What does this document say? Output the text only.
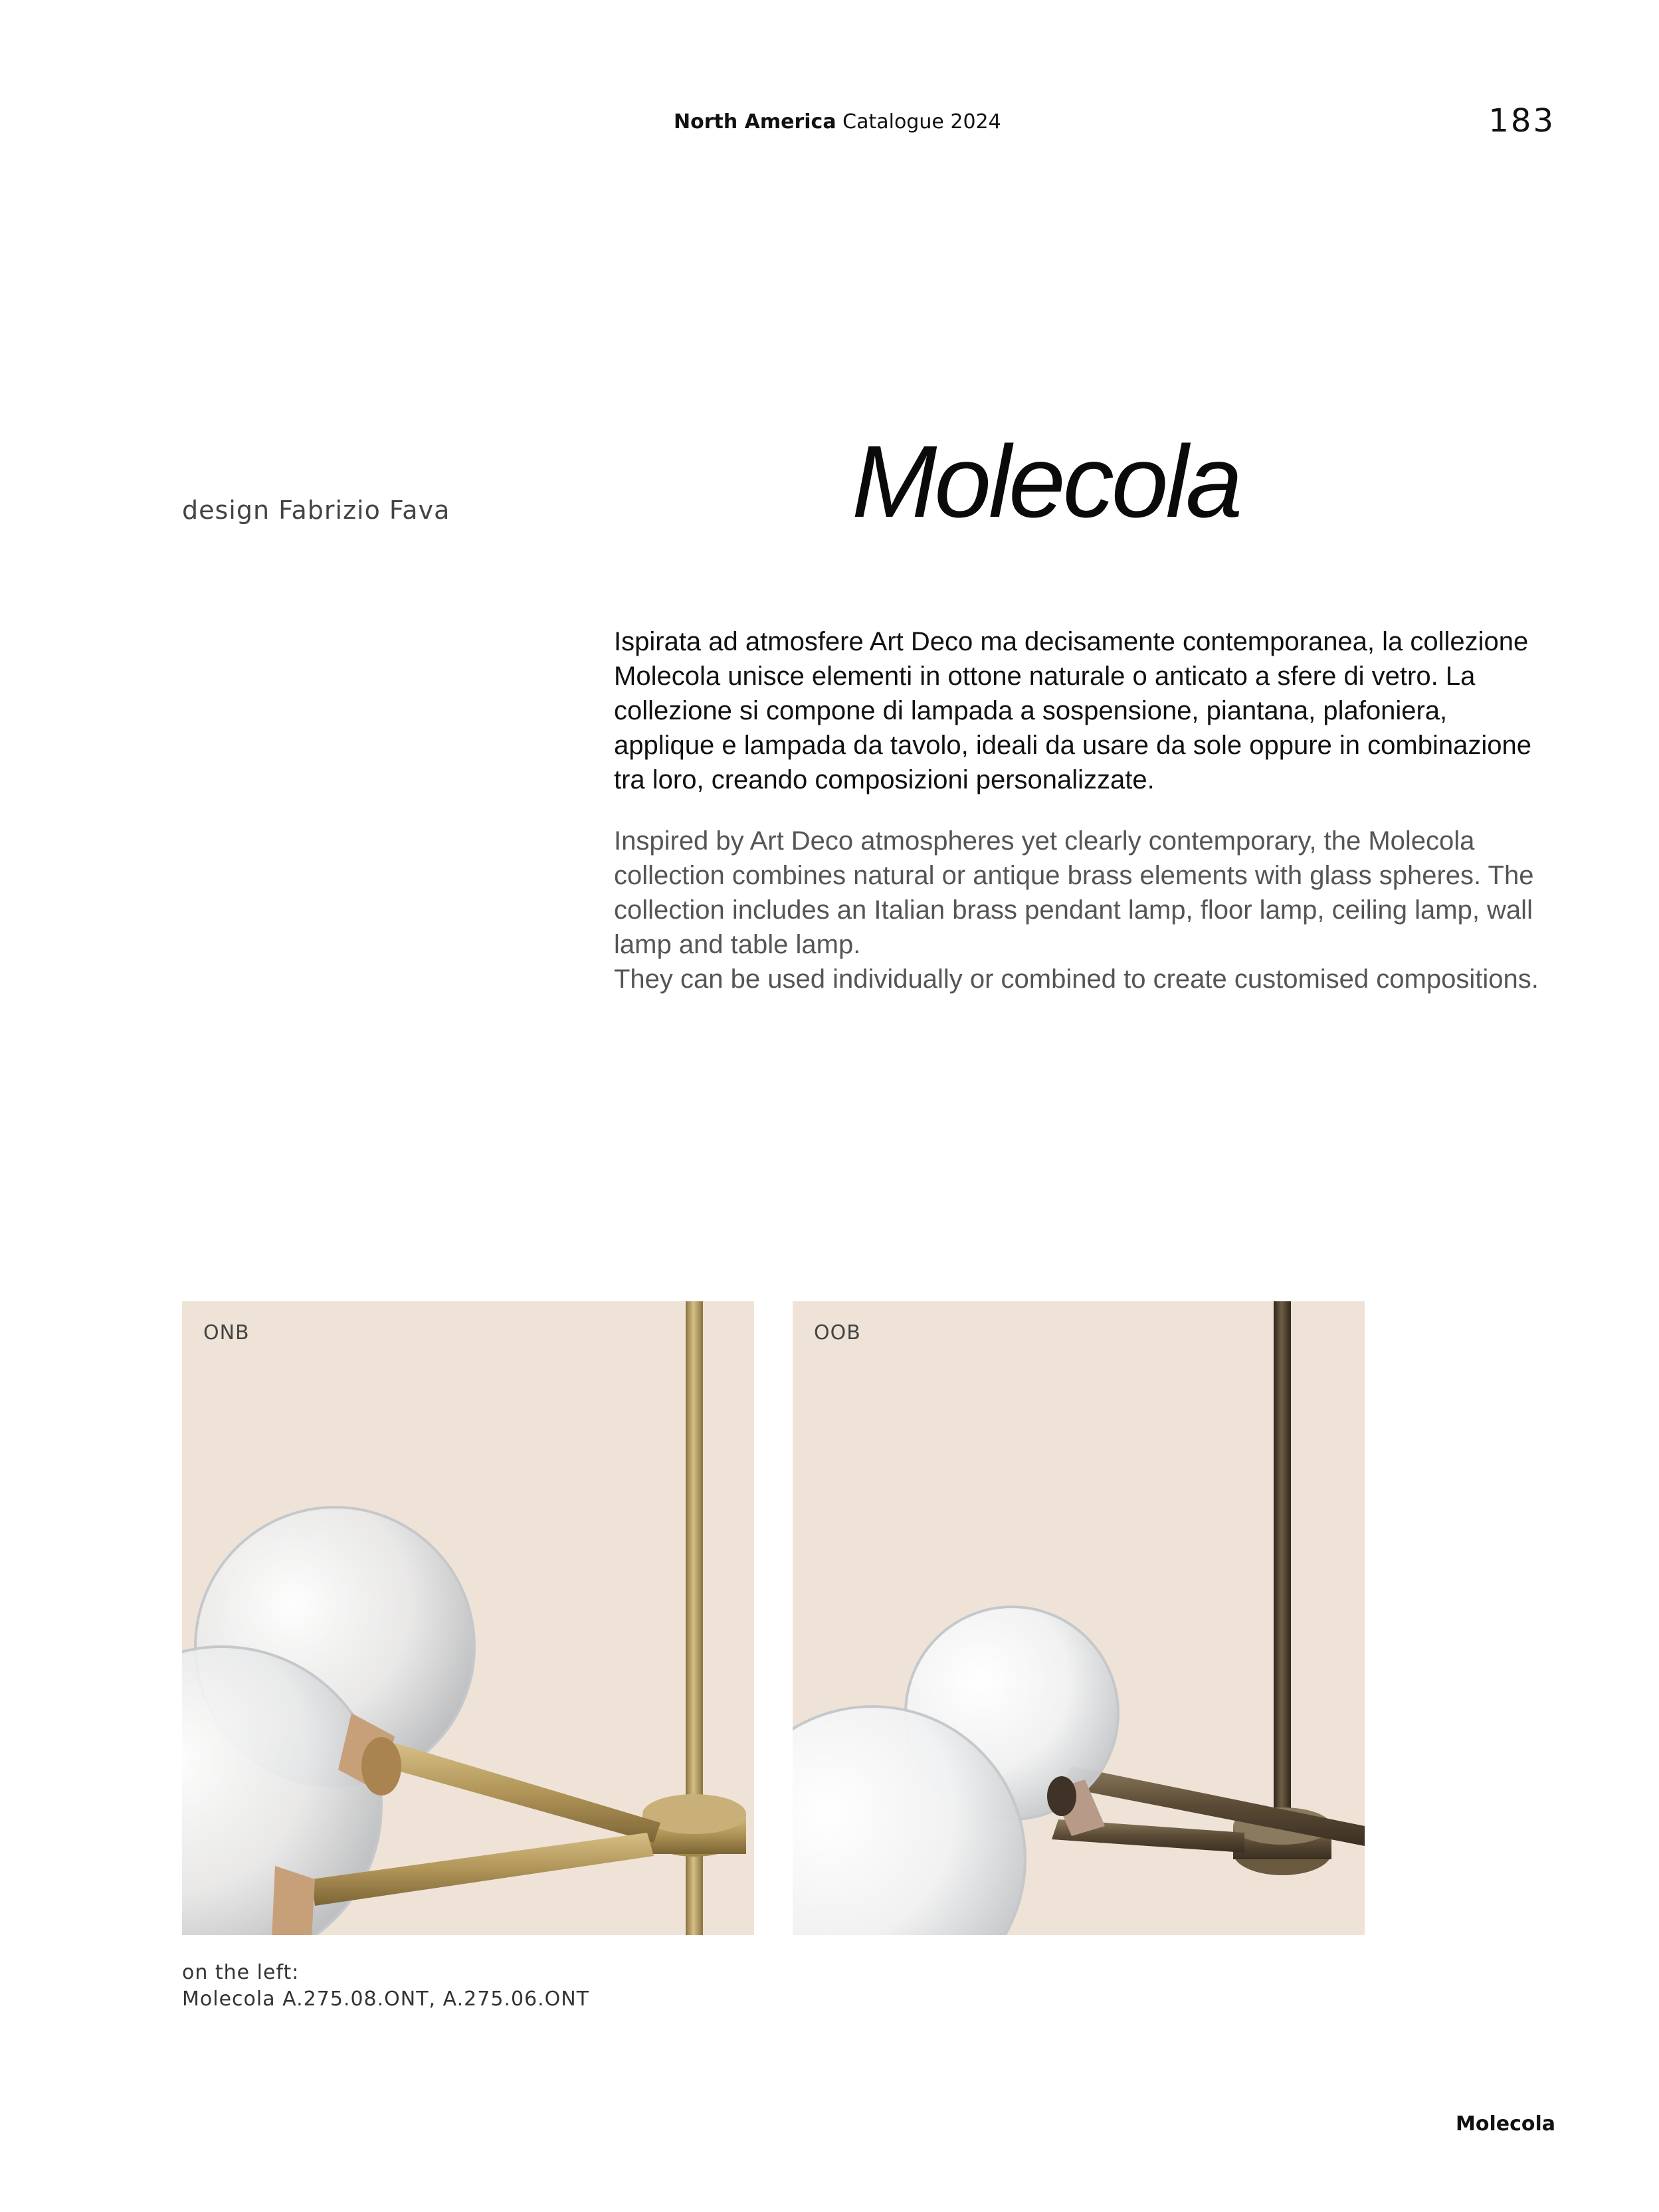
North America Catalogue 2024	183
design Fabrizio Fava	Molecola

Ispirata ad atmosfere Art Deco ma decisamente contemporanea, la collezione Molecola unisce elementi in ottone naturale o anticato a sfere di vetro. La collezione si compone di lampada a sospensione, piantana, plafoniera, applique e lampada da tavolo, ideali da usare da sole oppure in combinazione tra loro, creando composizioni personalizzate.

Inspired by Art Deco atmospheres yet clearly contemporary, the Molecola collection combines natural or antique brass elements with glass spheres. The collection includes an Italian brass pendant lamp, floor lamp, ceiling lamp, wall lamp and table lamp.

They can be used individually or combined to create customised compositions.

ONB	OOB
on the left:
Molecola A.275.08.ONT, A.275.06.ONT
Molecola
